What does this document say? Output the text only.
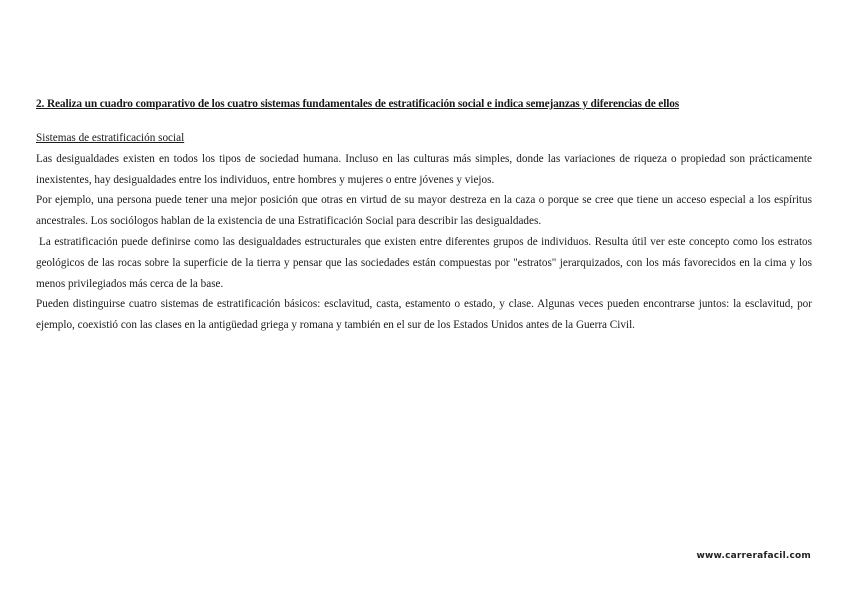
2. Realiza un cuadro comparativo de los cuatro sistemas fundamentales de estratificación social e indica semejanzas y diferencias de ellos

Sistemas de estratificación social

Las desigualdades existen en todos los tipos de sociedad humana. Incluso en las culturas más simples, donde las variaciones de riqueza o propiedad son prácticamente inexistentes, hay desigualdades entre los individuos, entre hombres y mujeres o entre jóvenes y viejos.

Por ejemplo, una persona puede tener una mejor posición que otras en virtud de su mayor destreza en la caza o porque se cree que tiene un acceso especial a los espíritus ancestrales. Los sociólogos hablan de la existencia de una Estratificación Social para describir las desigualdades.

La estratificación puede definirse como las desigualdades estructurales que existen entre diferentes grupos de individuos. Resulta útil ver este concepto como los estratos geológicos de las rocas sobre la superficie de la tierra y pensar que las sociedades están compuestas por "estratos" jerarquizados, con los más favorecidos en la cima y los menos privilegiados más cerca de la base.

Pueden distinguirse cuatro sistemas de estratificación básicos: esclavitud, casta, estamento o estado, y clase. Algunas veces pueden encontrarse juntos: la esclavitud, por ejemplo, coexistió con las clases en la antigüedad griega y romana y también en el sur de los Estados Unidos antes de la Guerra Civil.

www.carrerafacil.com
